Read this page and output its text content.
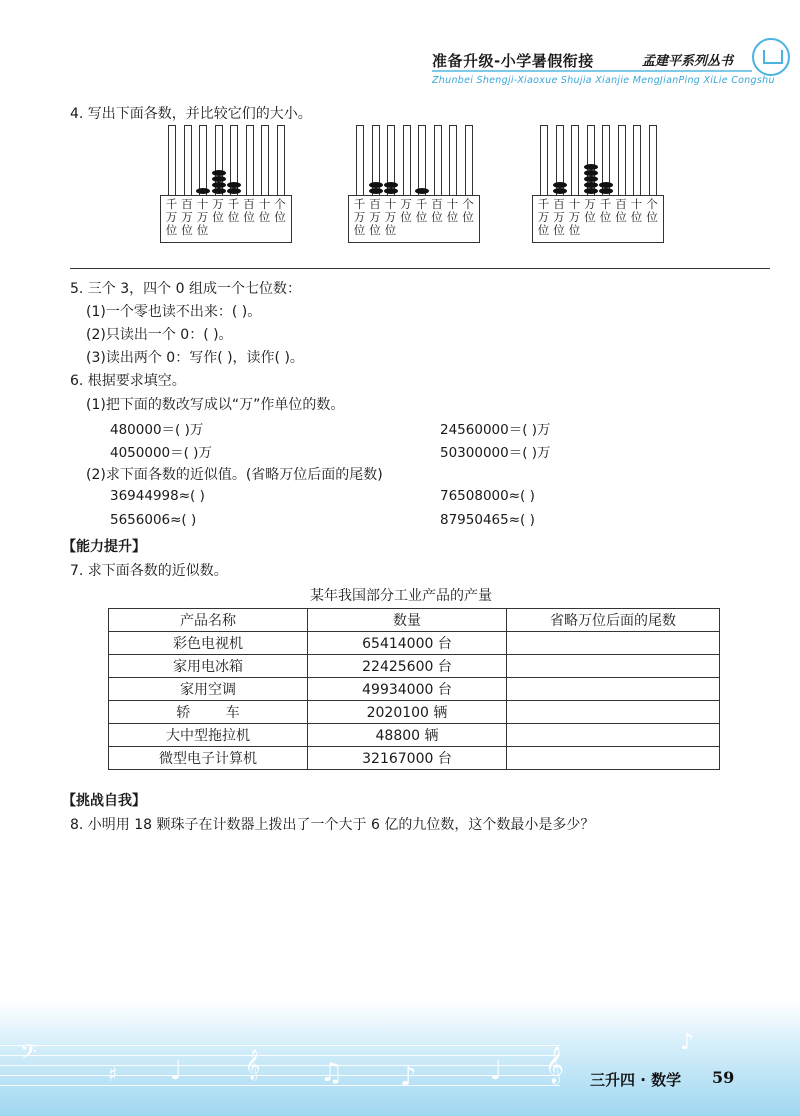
准备升级-小学暑假衔接	孟建平系列丛书
Zhunbei Shengji-Xiaoxue Shujia Xianjie MengJianPing XiLie Congshu
4. 写出下面各数，并比较它们的大小。
千
万
位
百
万
位
十
万
位
万
位
千
位
百
位
十
位
个
位
千
万
位
百
万
位
十
万
位
万
位
千
位
百
位
十
位
个
位
千
万
位
百
万
位
十
万
位
万
位
千
位
百
位
十
位
个
位
5. 三个 3，四个 0 组成一个七位数：
(1)一个零也读不出来：( )。
(2)只读出一个 0：( )。
(3)读出两个 0：写作( )，读作( )。
6. 根据要求填空。
(1)把下面的数改写成以“万”作单位的数。
480000＝( )万	24560000＝( )万
4050000＝( )万	50300000＝( )万
(2)求下面各数的近似值。(省略万位后面的尾数)
36944998≈( )	76508000≈( )
5656006≈( )	87950465≈( )
【能力提升】
7. 求下面各数的近似数。
某年我国部分工业产品的产量
产品名称	数量	省略万位后面的尾数
彩色电视机	65414000 台	
家用电冰箱	22425600 台	
家用空调	49934000 台	
轿        车	2020100 辆	
大中型拖拉机	48800 辆	
微型电子计算机	32167000 台	
【挑战自我】
8. 小明用 18 颗珠子在计数器上拨出了一个大于 6 亿的九位数，这个数最小是多少？
𝄢
♯ ♩ 𝄞 ♫ ♪	♩ 𝄞
♪
三升四 · 数学 59
